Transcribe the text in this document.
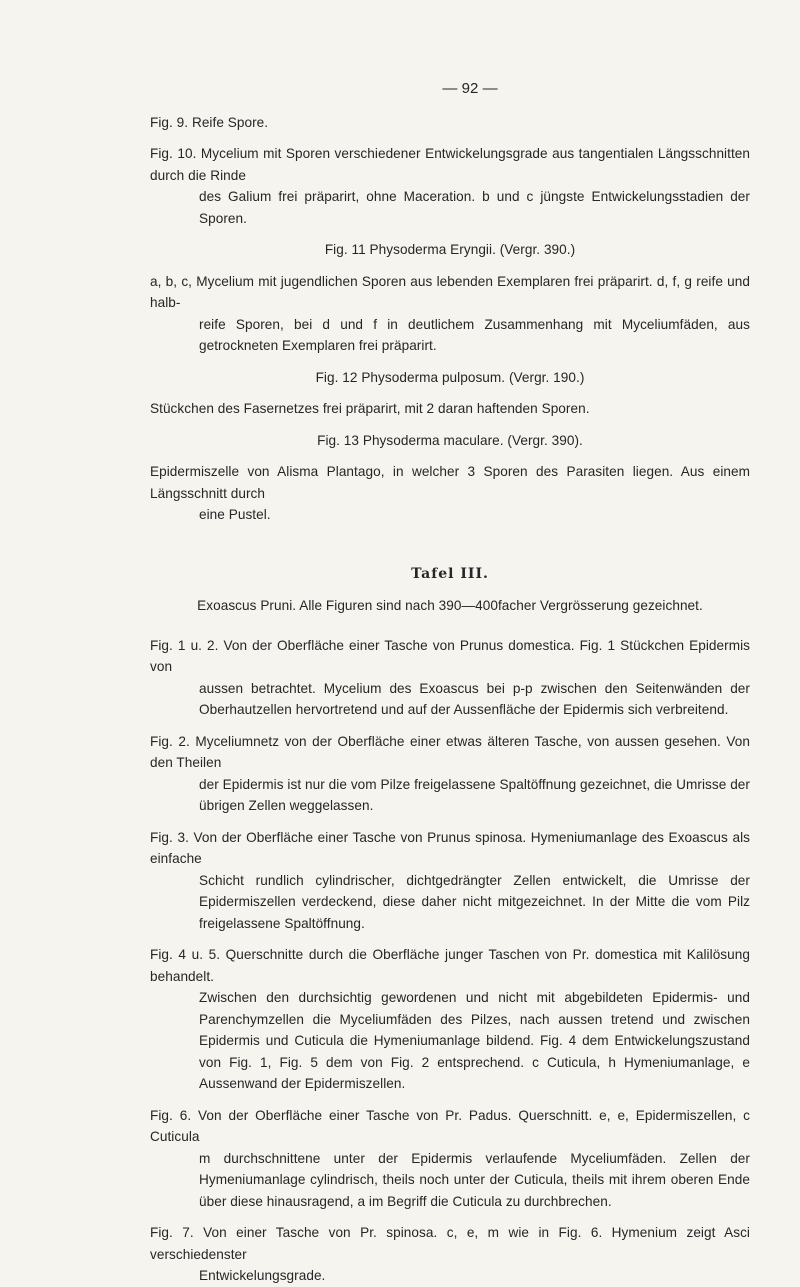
— 92 —
Fig. 9. Reife Spore.
Fig. 10. Mycelium mit Sporen verschiedener Entwickelungsgrade aus tangentialen Längsschnitten durch die Rinde
des Galium frei präparirt, ohne Maceration. b und c jüngste Entwickelungsstadien der Sporen.
Fig. 11 Physoderma Eryngii. (Vergr. 390.)
a, b, c, Mycelium mit jugendlichen Sporen aus lebenden Exemplaren frei präparirt. d, f, g reife und halb-
reife Sporen, bei d und f in deutlichem Zusammenhang mit Myceliumfäden, aus getrockneten Exemplaren frei präparirt.
Fig. 12 Physoderma pulposum. (Vergr. 190.)
Stückchen des Fasernetzes frei präparirt, mit 2 daran haftenden Sporen.
Fig. 13 Physoderma maculare. (Vergr. 390).
Epidermiszelle von Alisma Plantago, in welcher 3 Sporen des Parasiten liegen. Aus einem Längsschnitt durch
eine Pustel.
Tafel III.
Exoascus Pruni. Alle Figuren sind nach 390—400facher Vergrösserung gezeichnet.
Fig. 1 u. 2. Von der Oberfläche einer Tasche von Prunus domestica. Fig. 1 Stückchen Epidermis von
aussen betrachtet. Mycelium des Exoascus bei p-p zwischen den Seitenwänden der Oberhautzellen hervortretend und auf der Aussenfläche der Epidermis sich verbreitend.
Fig. 2. Myceliumnetz von der Oberfläche einer etwas älteren Tasche, von aussen gesehen. Von den Theilen
der Epidermis ist nur die vom Pilze freigelassene Spaltöffnung gezeichnet, die Umrisse der übrigen Zellen weggelassen.
Fig. 3. Von der Oberfläche einer Tasche von Prunus spinosa. Hymeniumanlage des Exoascus als einfache
Schicht rundlich cylindrischer, dichtgedrängter Zellen entwickelt, die Umrisse der Epidermiszellen verdeckend, diese daher nicht mitgezeichnet. In der Mitte die vom Pilz freigelassene Spaltöffnung.
Fig. 4 u. 5. Querschnitte durch die Oberfläche junger Taschen von Pr. domestica mit Kalilösung behandelt.
Zwischen den durchsichtig gewordenen und nicht mit abgebildeten Epidermis- und Parenchymzellen die Myceliumfäden des Pilzes, nach aussen tretend und zwischen Epidermis und Cuticula die Hymeniumanlage bildend. Fig. 4 dem Entwickelungszustand von Fig. 1, Fig. 5 dem von Fig. 2 entsprechend. c Cuticula, h Hymeniumanlage, e Aussenwand der Epidermiszellen.
Fig. 6. Von der Oberfläche einer Tasche von Pr. Padus. Querschnitt. e, e, Epidermiszellen, c Cuticula
m durchschnittene unter der Epidermis verlaufende Myceliumfäden. Zellen der Hymeniumanlage cylindrisch, theils noch unter der Cuticula, theils mit ihrem oberen Ende über diese hinausragend, a im Begriff die Cuticula zu durchbrechen.
Fig. 7. Von einer Tasche von Pr. spinosa. c, e, m wie in Fig. 6. Hymenium zeigt Asci verschiedenster
Entwickelungsgrade.
